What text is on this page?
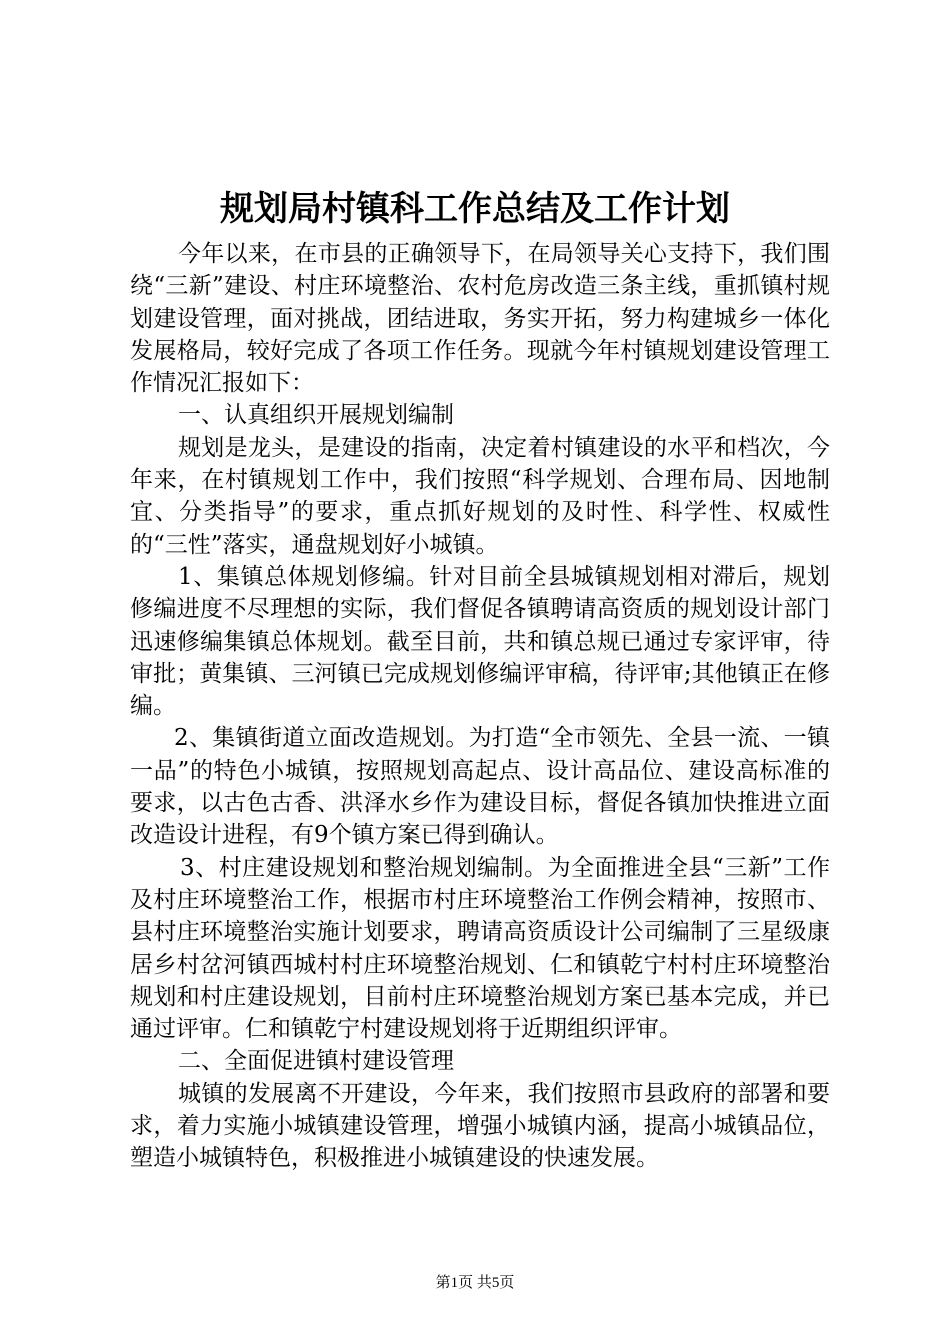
规划局村镇科工作总结及工作计划

今年以来，在市县的正确领导下，在局领导关心支持下，我们围绕“三新”建设、村庄环境整治、农村危房改造三条主线，重抓镇村规划建设管理，面对挑战，团结进取，务实开拓，努力构建城乡一体化发展格局，较好完成了各项工作任务。现就今年村镇规划建设管理工作情况汇报如下：

一、认真组织开展规划编制

规划是龙头，是建设的指南，决定着村镇建设的水平和档次，今年来，在村镇规划工作中，我们按照“科学规划、合理布局、因地制宜、分类指导”的要求，重点抓好规划的及时性、科学性、权威性的“三性”落实，通盘规划好小城镇。

1、集镇总体规划修编。针对目前全县城镇规划相对滞后，规划修编进度不尽理想的实际，我们督促各镇聘请高资质的规划设计部门迅速修编集镇总体规划。截至目前，共和镇总规已通过专家评审，待审批；黄集镇、三河镇已完成规划修编评审稿，待评审;其他镇正在修编。

2、集镇街道立面改造规划。为打造“全市领先、全县一流、一镇一品”的特色小城镇，按照规划高起点、设计高品位、建设高标准的要求，以古色古香、洪泽水乡作为建设目标，督促各镇加快推进立面改造设计进程，有9个镇方案已得到确认。

3、村庄建设规划和整治规划编制。为全面推进全县“三新”工作及村庄环境整治工作，根据市村庄环境整治工作例会精神，按照市、县村庄环境整治实施计划要求，聘请高资质设计公司编制了三星级康居乡村岔河镇西城村村庄环境整治规划、仁和镇乾宁村村庄环境整治规划和村庄建设规划，目前村庄环境整治规划方案已基本完成，并已通过评审。仁和镇乾宁村建设规划将于近期组织评审。

二、全面促进镇村建设管理

城镇的发展离不开建设，今年来，我们按照市县政府的部署和要求，着力实施小城镇建设管理，增强小城镇内涵，提高小城镇品位，塑造小城镇特色，积极推进小城镇建设的快速发展。

第1页 共5页
